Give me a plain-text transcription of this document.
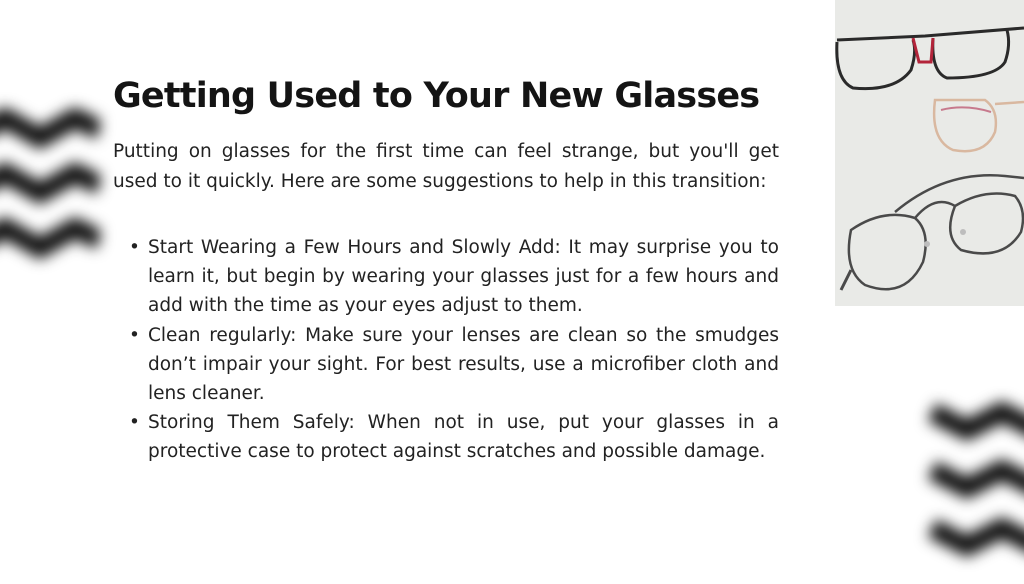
Getting Used to Your New Glasses

Putting on glasses for the first time can feel strange, but you'll get used to it quickly. Here are some suggestions to help in this transition:

•
Start Wearing a Few Hours and Slowly Add: It may surprise you to learn it, but begin by wearing your glasses just for a few hours and add with the time as your eyes adjust to them.
•
Clean regularly: Make sure your lenses are clean so the smudges don’t impair your sight. For best results, use a microfiber cloth and lens cleaner.
•
Storing Them Safely: When not in use, put your glasses in a protective case to protect against scratches and possible damage.
